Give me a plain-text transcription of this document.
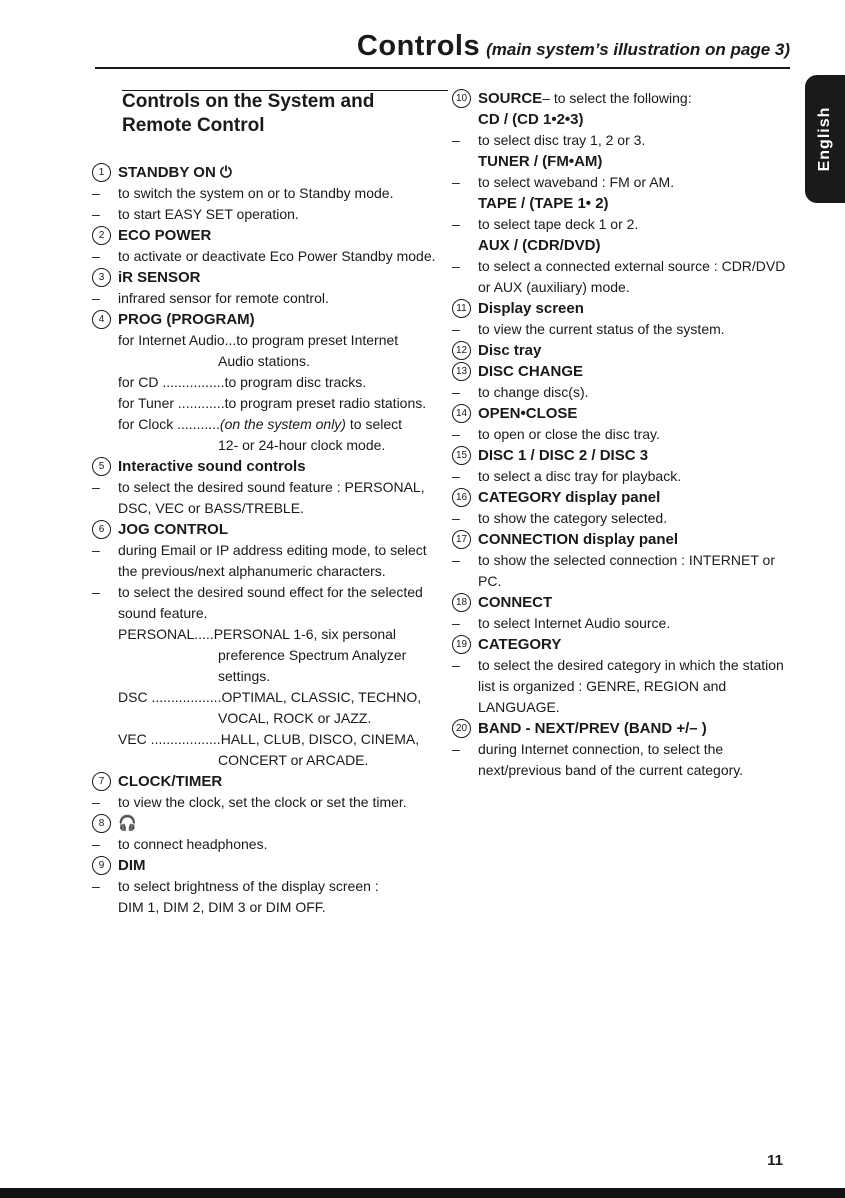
Controls (main system’s illustration on page 3)
English
Controls on the System and
Remote Control
1 STANDBY ON ⏻
–	to switch the system on or to Standby mode.
–	to start EASY SET operation.
2 ECO POWER
–	to activate or deactivate Eco Power Standby mode.
3 iR SENSOR
–	infrared sensor for remote control.
4 PROG (PROGRAM)
for Internet Audio... to program preset Internet
Audio stations.
for CD ................ to program disc tracks.
for Tuner ............ to program preset radio stations.
for Clock ........... (on the system only) to select
12- or 24-hour clock mode.
5 Interactive sound controls
–	to select the desired sound feature : PERSONAL, DSC, VEC or BASS/TREBLE.
6 JOG CONTROL
–	during Email or IP address editing mode, to select the previous/next alphanumeric characters.
–	to select the desired sound effect for the selected sound feature.
PERSONAL..... PERSONAL 1-6, six personal
preference Spectrum Analyzer
settings.
DSC .................. OPTIMAL, CLASSIC, TECHNO,
VOCAL, ROCK or JAZZ.
VEC .................. HALL, CLUB, DISCO, CINEMA,
CONCERT or ARCADE.
7 CLOCK/TIMER
–	to view the clock, set the clock or set the timer.
8 🎧
–	to connect headphones.
9 DIM
–	to select brightness of the display screen :
DIM 1, DIM 2, DIM 3 or DIM OFF.
10 SOURCE – to select the following:
CD / (CD 1•2•3)
–	to select disc tray 1, 2 or 3.
TUNER / (FM•AM)
–	to select waveband : FM or AM.
TAPE / (TAPE 1• 2)
–	to select tape deck 1 or 2.
AUX / (CDR/DVD)
–	to select a connected external source : CDR/DVD or AUX (auxiliary) mode.
11 Display screen
–	to view the current status of the system.
12 Disc tray
13 DISC CHANGE
–	to change disc(s).
14 OPEN•CLOSE
–	to open or close the disc tray.
15 DISC 1 / DISC 2 / DISC 3
–	to select a disc tray for playback.
16 CATEGORY display panel
–	to show the category selected.
17 CONNECTION display panel
–	to show the selected connection : INTERNET or PC.
18 CONNECT
–	to select Internet Audio source.
19 CATEGORY
–	to select the desired category in which the station list is organized : GENRE, REGION and LANGUAGE.
20 BAND - NEXT/PREV (BAND +/– )
–	during Internet connection, to select the next/previous band of the current category.
11
